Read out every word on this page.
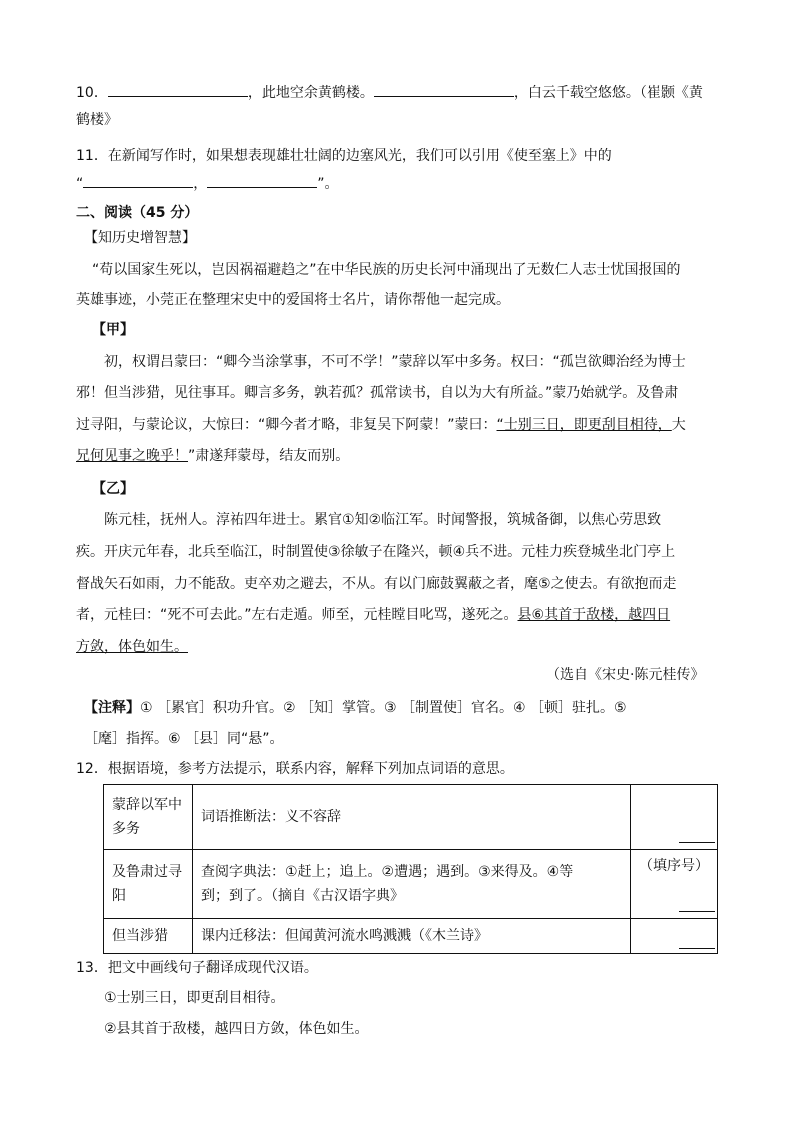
10．	，此地空余黄鹤楼。	，白云千载空悠悠。（崔颢《黄
鹤楼》
11．在新闻写作时，如果想表现雄壮壮阔的边塞风光，我们可以引用《使至塞上》中的
“	，	”。
二、阅读（45 分）
【知历史增智慧】
“苟以国家生死以，岂因祸福避趋之”在中华民族的历史长河中涌现出了无数仁人志士忧国报国的
英雄事迹，小莞正在整理宋史中的爱国将士名片，请你帮他一起完成。
【甲】
初，权谓吕蒙曰：“卿今当涂掌事，不可不学！”蒙辞以军中多务。权曰：“孤岂欲卿治经为博士
邪！但当涉猎，见往事耳。卿言多务，孰若孤？孤常读书，自以为大有所益。”蒙乃始就学。及鲁肃
过寻阳，与蒙论议，大惊曰：“卿今者才略，非复吴下阿蒙！”蒙曰：“士别三日，即更刮目相待，大
兄何见事之晚乎！”肃遂拜蒙母，结友而别。
【乙】
陈元桂，抚州人。淳祐四年进士。累官①知②临江军。时闻警报，筑城备御，以焦心劳思致
疾。开庆元年春，北兵至临江，时制置使③徐敏子在隆兴，顿④兵不进。元桂力疾登城坐北门亭上
督战矢石如雨，力不能敌。吏卒劝之避去，不从。有以门廊鼓翼蔽之者，麾⑤之使去。有欲抱而走
者，元桂曰：“死不可去此。”左右走遁。师至，元桂瞠目叱骂，遂死之。县⑥其首于敌楼，越四日
方敛，体色如生。
（选自《宋史·陈元桂传》
【注释】① ［累官］积功升官。② ［知］掌管。③ ［制置使］官名。④ ［顿］驻扎。⑤
［麾］指挥。⑥ ［县］同“悬”。
12．根据语境，参考方法提示，联系内容，解释下列加点词语的意思。
蒙辞以军中
多务	词语推断法：义不容辞	

及鲁肃过寻
阳	查阅字典法：①赶上；追上。②遭遇；遇到。③来得及。④等
到；到了。（摘自《古汉语字典》	（填序号）

但当涉猎	课内迁移法：但闻黄河流水鸣溅溅（《木兰诗》	
13．把文中画线句子翻译成现代汉语。
①士别三日，即更刮目相待。
②县其首于敌楼，越四日方敛，体色如生。
